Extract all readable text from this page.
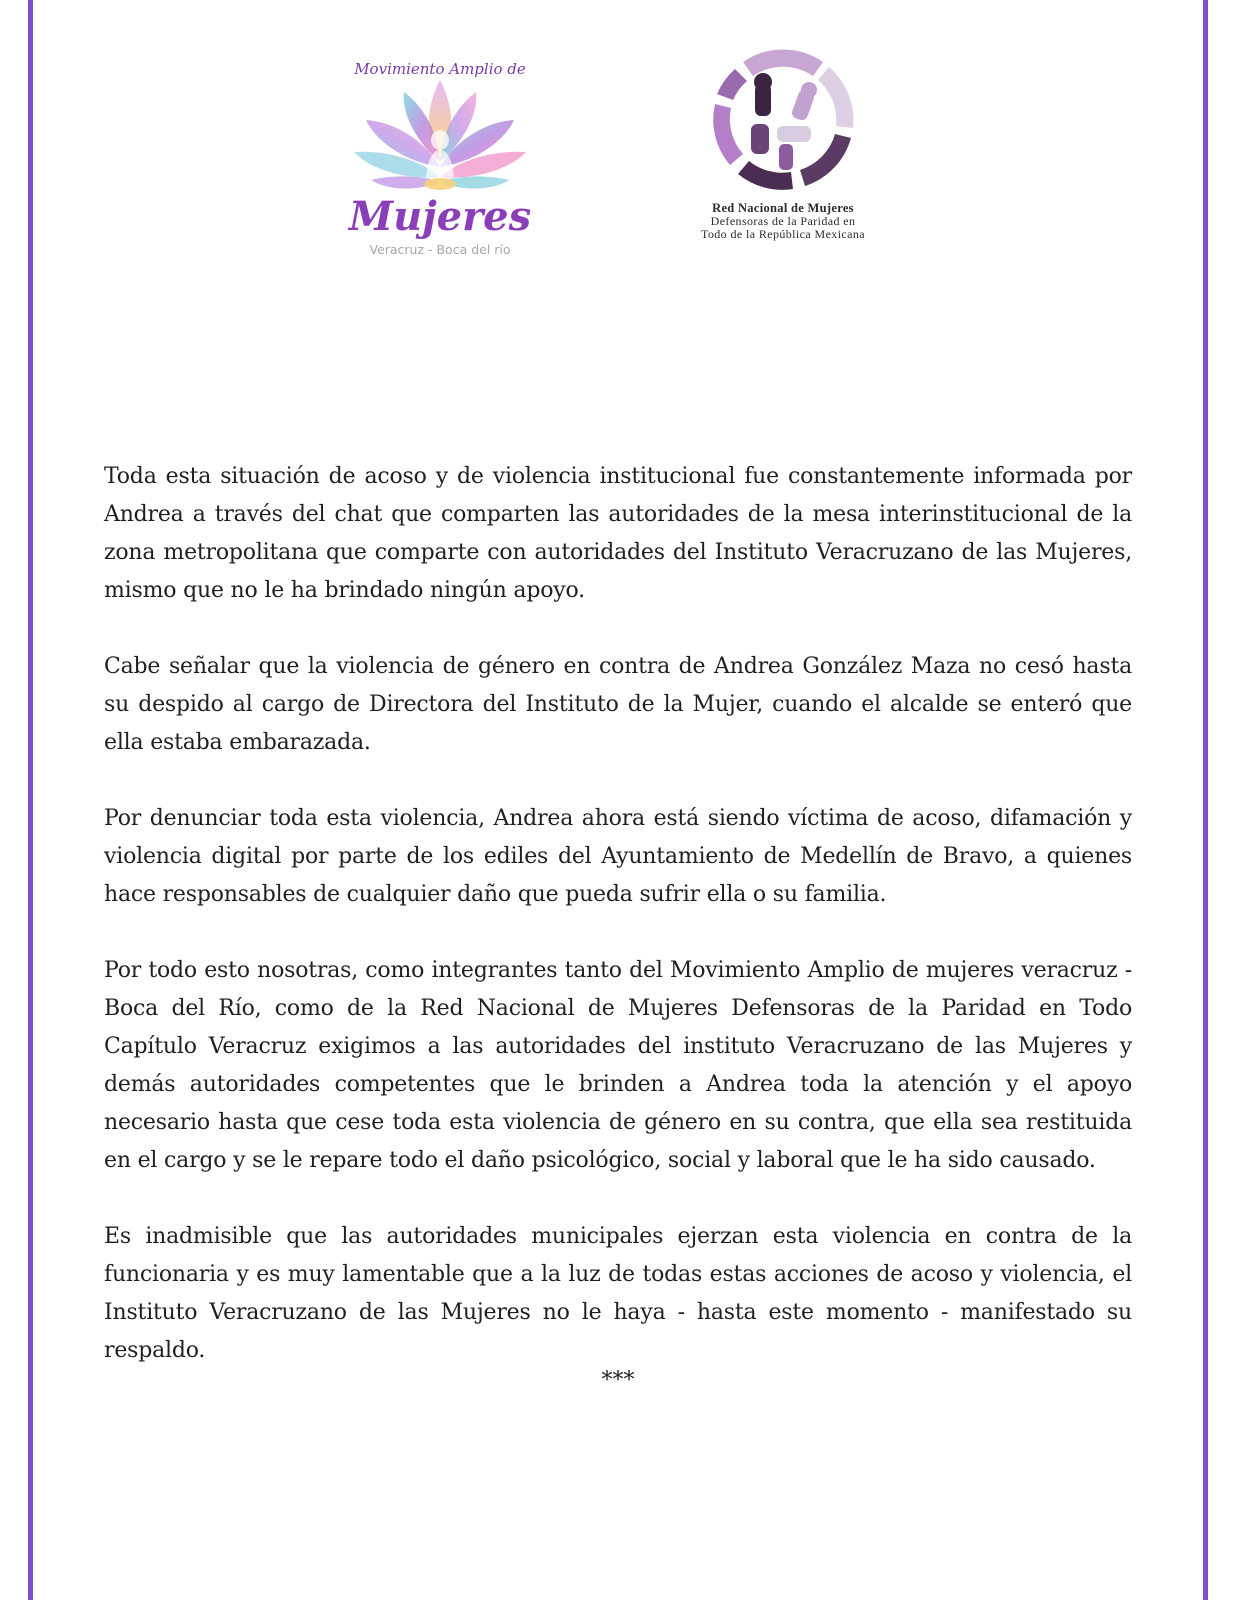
Movimiento Amplio de
Mujeres
Veracruz - Boca del río
Red Nacional de Mujeres
Defensoras de la Paridad en
Todo de la República Mexicana

Toda esta situación de acoso y de violencia institucional fue constantemente informada por Andrea a través del chat que comparten las autoridades de la mesa interinstitucional de la zona metropolitana que comparte con autoridades del Instituto Veracruzano de las Mujeres, mismo que no le ha brindado ningún apoyo.

Cabe señalar que la violencia de género en contra de Andrea González Maza no cesó hasta su despido al cargo de Directora del Instituto de la Mujer, cuando el alcalde se enteró que ella estaba embarazada.

Por denunciar toda esta violencia, Andrea ahora está siendo víctima de acoso, difamación y violencia digital por parte de los ediles del Ayuntamiento de Medellín de Bravo, a quienes hace responsables de cualquier daño que pueda sufrir ella o su familia.

Por todo esto nosotras, como integrantes tanto del Movimiento Amplio de mujeres veracruz - Boca del Río, como de la Red Nacional de Mujeres Defensoras de la Paridad en Todo Capítulo Veracruz exigimos a las autoridades del instituto Veracruzano de las Mujeres y demás autoridades competentes que le brinden a Andrea toda la atención y el apoyo necesario hasta que cese toda esta violencia de género en su contra, que ella sea restituida en el cargo y se le repare todo el daño psicológico, social y laboral que le ha sido causado.

Es inadmisible que las autoridades municipales ejerzan esta violencia en contra de la funcionaria y es muy lamentable que a la luz de todas estas acciones de acoso y violencia, el Instituto Veracruzano de las Mujeres no le haya - hasta este momento - manifestado su respaldo.

***
